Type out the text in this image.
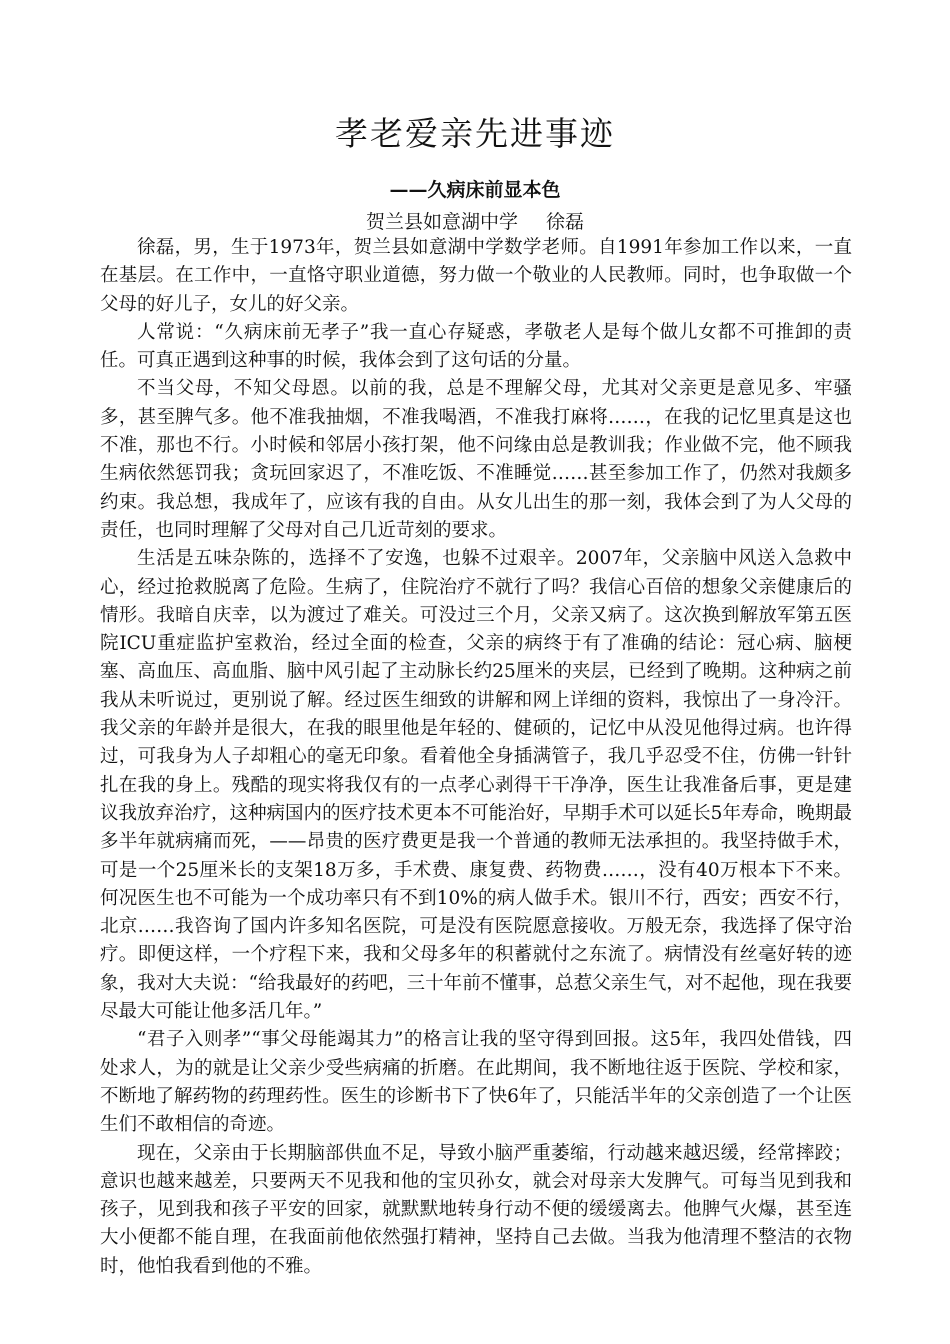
孝老爱亲先进事迹
——久病床前显本色
贺兰县如意湖中学 徐磊

徐磊，男，生于1973年，贺兰县如意湖中学数学老师。自1991年参加工作以来，一直在基层。在工作中，一直恪守职业道德，努力做一个敬业的人民教师。同时，也争取做一个父母的好儿子，女儿的好父亲。

人常说：“久病床前无孝子”我一直心存疑惑，孝敬老人是每个做儿女都不可推卸的责任。可真正遇到这种事的时候，我体会到了这句话的分量。

不当父母，不知父母恩。以前的我，总是不理解父母，尤其对父亲更是意见多、牢骚多，甚至脾气多。他不准我抽烟，不准我喝酒，不准我打麻将……，在我的记忆里真是这也不准，那也不行。小时候和邻居小孩打架，他不问缘由总是教训我；作业做不完，他不顾我生病依然惩罚我；贪玩回家迟了，不准吃饭、不准睡觉……甚至参加工作了，仍然对我颇多约束。我总想，我成年了，应该有我的自由。从女儿出生的那一刻，我体会到了为人父母的责任，也同时理解了父母对自己几近苛刻的要求。

生活是五味杂陈的，选择不了安逸，也躲不过艰辛。2007年，父亲脑中风送入急救中心，经过抢救脱离了危险。生病了，住院治疗不就行了吗？我信心百倍的想象父亲健康后的情形。我暗自庆幸，以为渡过了难关。可没过三个月，父亲又病了。这次换到解放军第五医院ICU重症监护室救治，经过全面的检查，父亲的病终于有了准确的结论：冠心病、脑梗塞、高血压、高血脂、脑中风引起了主动脉长约25厘米的夹层，已经到了晚期。这种病之前我从未听说过，更别说了解。经过医生细致的讲解和网上详细的资料，我惊出了一身冷汗。我父亲的年龄并是很大，在我的眼里他是年轻的、健硕的，记忆中从没见他得过病。也许得过，可我身为人子却粗心的毫无印象。看着他全身插满管子，我几乎忍受不住，仿佛一针针扎在我的身上。残酷的现实将我仅有的一点孝心剥得干干净净，医生让我准备后事，更是建议我放弃治疗，这种病国内的医疗技术更本不可能治好，早期手术可以延长5年寿命，晚期最多半年就病痛而死，——昂贵的医疗费更是我一个普通的教师无法承担的。我坚持做手术，可是一个25厘米长的支架18万多，手术费、康复费、药物费……，没有40万根本下不来。何况医生也不可能为一个成功率只有不到10%的病人做手术。银川不行，西安；西安不行，北京……我咨询了国内许多知名医院，可是没有医院愿意接收。万般无奈，我选择了保守治疗。即便这样，一个疗程下来，我和父母多年的积蓄就付之东流了。病情没有丝毫好转的迹象，我对大夫说：“给我最好的药吧，三十年前不懂事，总惹父亲生气，对不起他，现在我要尽最大可能让他多活几年。”

“君子入则孝”“事父母能竭其力”的格言让我的坚守得到回报。这5年，我四处借钱，四处求人，为的就是让父亲少受些病痛的折磨。在此期间，我不断地往返于医院、学校和家，不断地了解药物的药理药性。医生的诊断书下了快6年了，只能活半年的父亲创造了一个让医生们不敢相信的奇迹。

现在，父亲由于长期脑部供血不足，导致小脑严重萎缩，行动越来越迟缓，经常摔跤；意识也越来越差，只要两天不见我和他的宝贝孙女，就会对母亲大发脾气。可每当见到我和孩子，见到我和孩子平安的回家，就默默地转身行动不便的缓缓离去。他脾气火爆，甚至连大小便都不能自理，在我面前他依然强打精神，坚持自己去做。当我为他清理不整洁的衣物时，他怕我看到他的不雅。
